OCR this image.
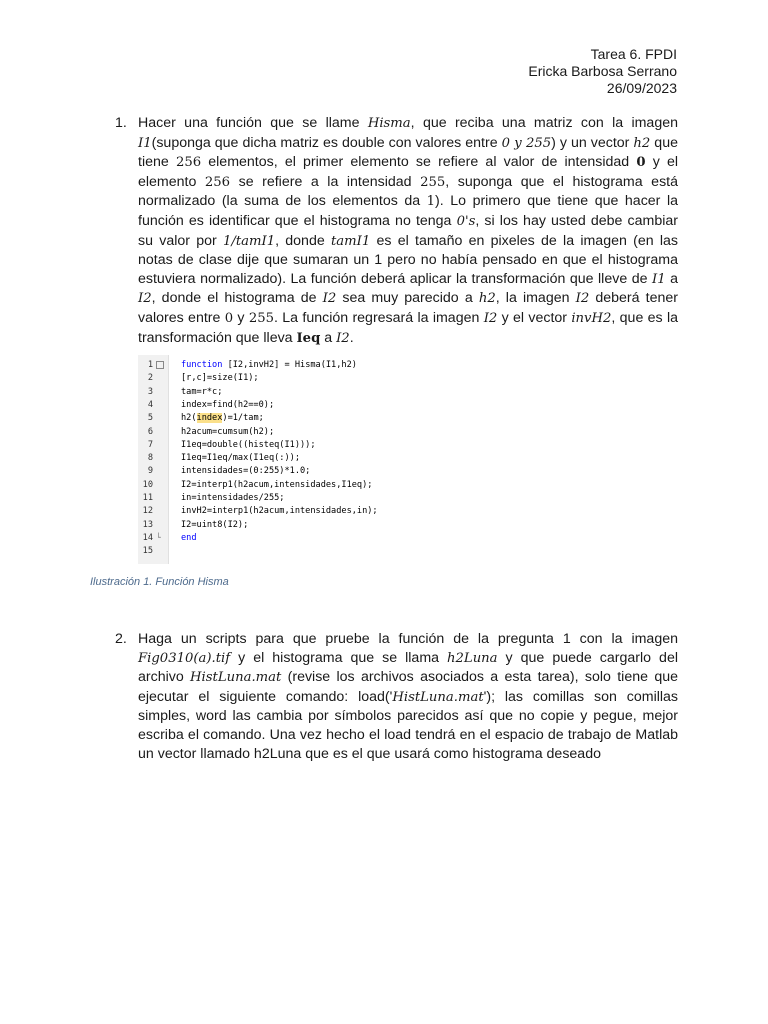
Tarea 6. FPDI
Ericka Barbosa Serrano
26/09/2023
1. Hacer una función que se llame Hisma, que reciba una matriz con la imagen I1(suponga que dicha matriz es double con valores entre 0 y 255) y un vector h2 que tiene 256 elementos, el primer elemento se refiere al valor de intensidad 0 y el elemento 256 se refiere a la intensidad 255, suponga que el histograma está normalizado (la suma de los elementos da 1). Lo primero que tiene que hacer la función es identificar que el histograma no tenga 0's, si los hay usted debe cambiar su valor por 1/tamI1, donde tamI1 es el tamaño en pixeles de la imagen (en las notas de clase dije que sumaran un 1 pero no había pensado en que el histograma estuviera normalizado). La función deberá aplicar la transformación que lleve de I1 a I2, donde el histograma de I2 sea muy parecido a h2, la imagen I2 deberá tener valores entre 0 y 255. La función regresará la imagen I2 y el vector invH2, que es la transformación que lleva Ieq a I2.
1	function [I2,invH2] = Hisma(I1,h2)
2	[r,c]=size(I1);
3	tam=r*c;
4	index=find(h2==0);
5	h2(index)=1/tam;
6	h2acum=cumsum(h2);
7	I1eq=double((histeq(I1)));
8	I1eq=I1eq/max(I1eq(:));
9	intensidades=(0:255)*1.0;
10	I2=interp1(h2acum,intensidades,I1eq);
11	in=intensidades/255;
12	invH2=interp1(h2acum,intensidades,in);
13	I2=uint8(I2);
14 └	end
15
Ilustración 1. Función Hisma
2. Haga un scripts para que pruebe la función de la pregunta 1 con la imagen Fig0310(a).tif y el histograma que se llama h2Luna y que puede cargarlo del archivo HistLuna.mat (revise los archivos asociados a esta tarea), solo tiene que ejecutar el siguiente comando: load('HistLuna.mat'); las comillas son comillas simples, word las cambia por símbolos parecidos así que no copie y pegue, mejor escriba el comando. Una vez hecho el load tendrá en el espacio de trabajo de Matlab un vector llamado h2Luna que es el que usará como histograma deseado
